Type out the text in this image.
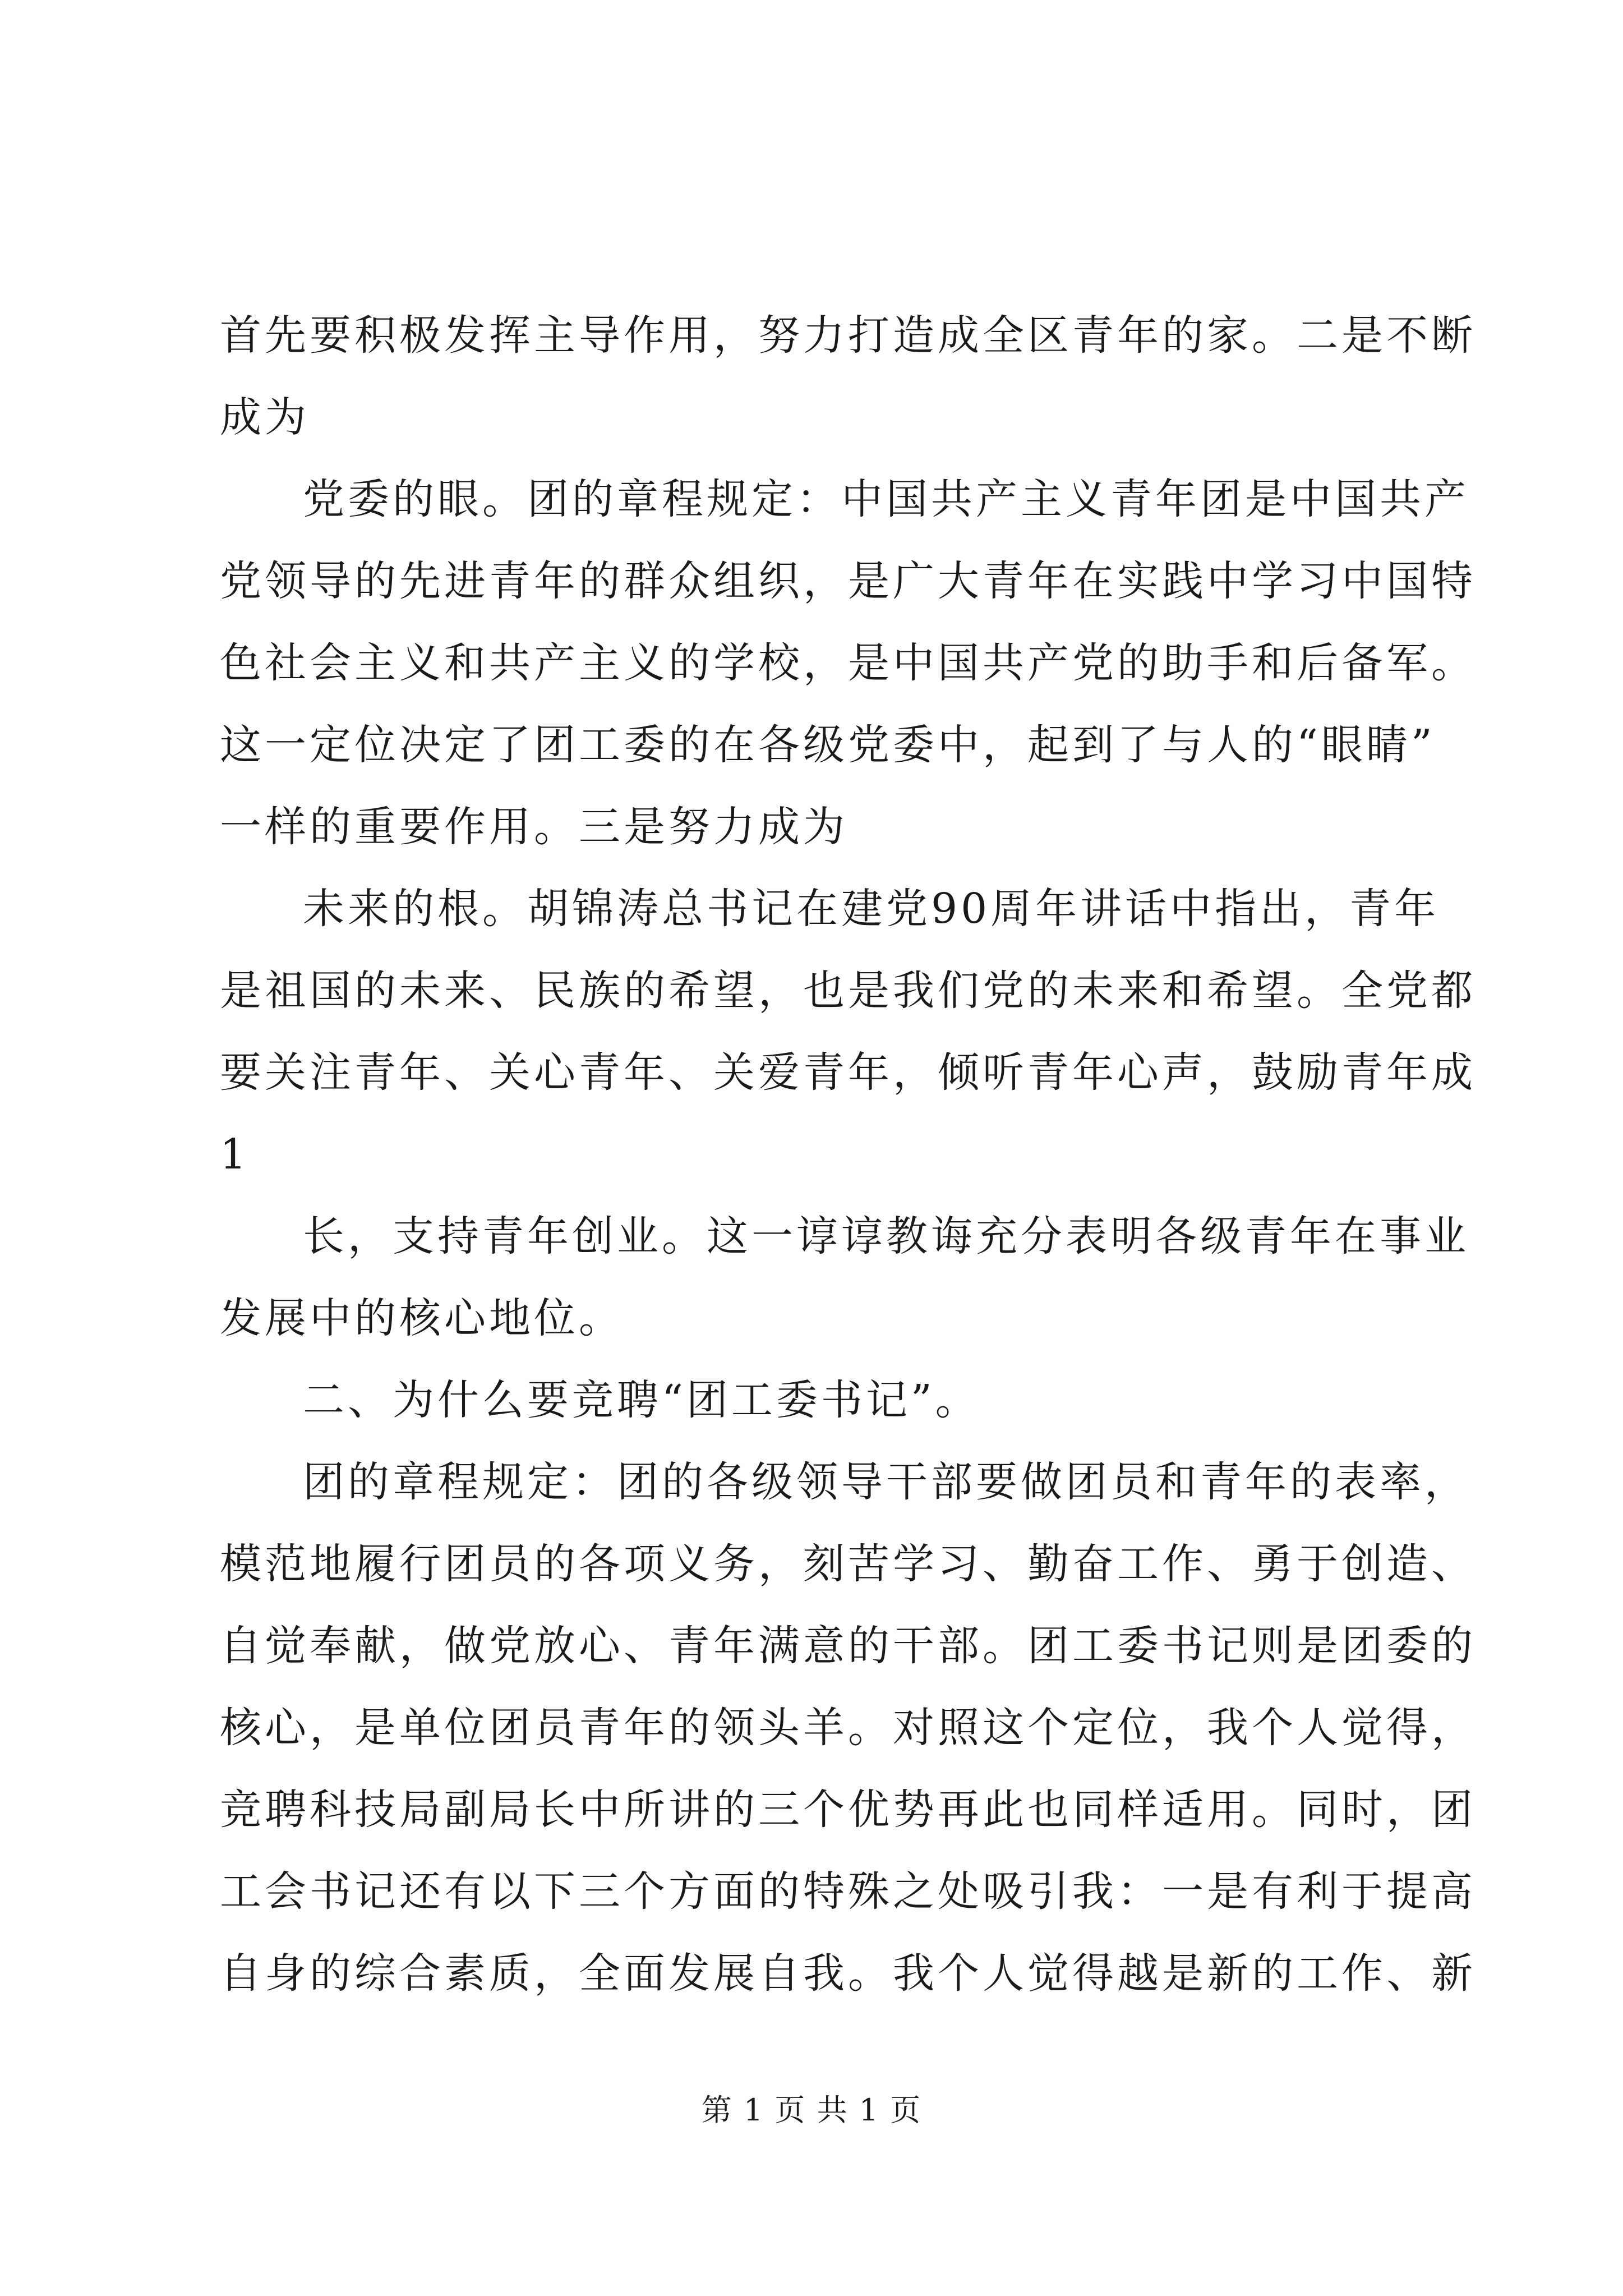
首先要积极发挥主导作用，努力打造成全区青年的家。二是不断
成为
党委的眼。团的章程规定：中国共产主义青年团是中国共产
党领导的先进青年的群众组织，是广大青年在实践中学习中国特
色社会主义和共产主义的学校，是中国共产党的助手和后备军。
这一定位决定了团工委的在各级党委中，起到了与人的“眼睛”
一样的重要作用。三是努力成为
未来的根。胡锦涛总书记在建党90周年讲话中指出，青年
是祖国的未来、民族的希望，也是我们党的未来和希望。全党都
要关注青年、关心青年、关爱青年，倾听青年心声，鼓励青年成
1
长，支持青年创业。这一谆谆教诲充分表明各级青年在事业
发展中的核心地位。
二、为什么要竞聘“团工委书记”。
团的章程规定：团的各级领导干部要做团员和青年的表率，
模范地履行团员的各项义务，刻苦学习、勤奋工作、勇于创造、
自觉奉献，做党放心、青年满意的干部。团工委书记则是团委的
核心，是单位团员青年的领头羊。对照这个定位，我个人觉得，
竞聘科技局副局长中所讲的三个优势再此也同样适用。同时，团
工会书记还有以下三个方面的特殊之处吸引我：一是有利于提高
自身的综合素质，全面发展自我。我个人觉得越是新的工作、新
第 1 页 共 1 页
